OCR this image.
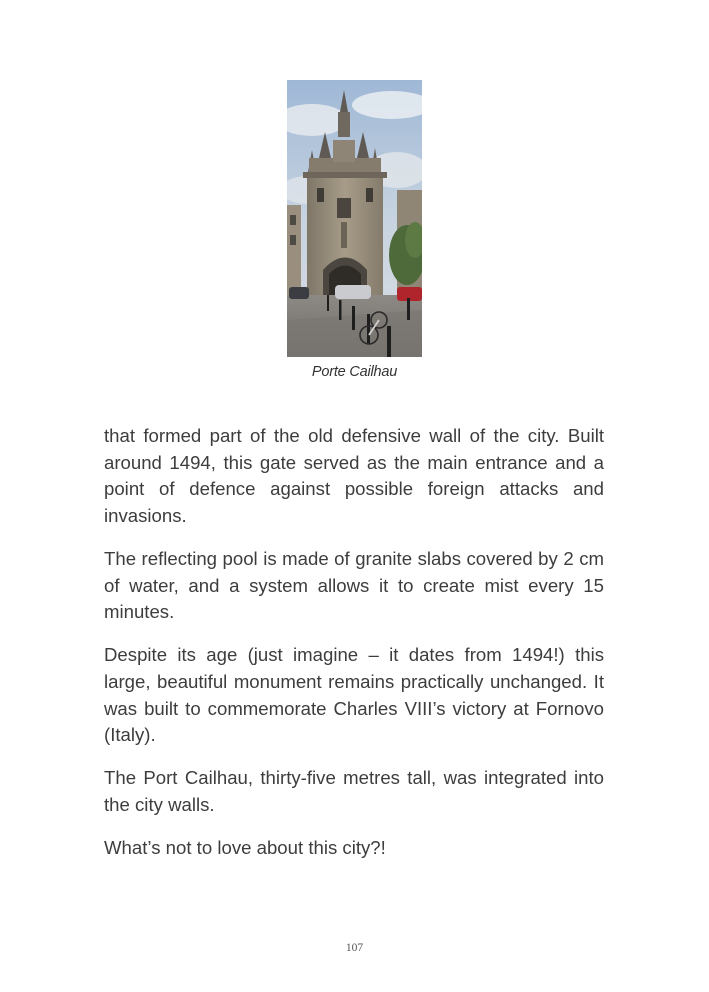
Porte Cailhau

that formed part of the old defensive wall of the city. Built around 1494, this gate served as the main entrance and a point of defence against possible foreign attacks and invasions.

The reflecting pool is made of granite slabs covered by 2 cm of water, and a system allows it to create mist every 15 minutes.

Despite its age (just imagine – it dates from 1494!) this large, beautiful monument remains practically unchanged. It was built to commemorate Charles VIII’s victory at Fornovo (Italy).

The Port Cailhau, thirty-five metres tall, was integrated into the city walls.

What’s not to love about this city?!

107
